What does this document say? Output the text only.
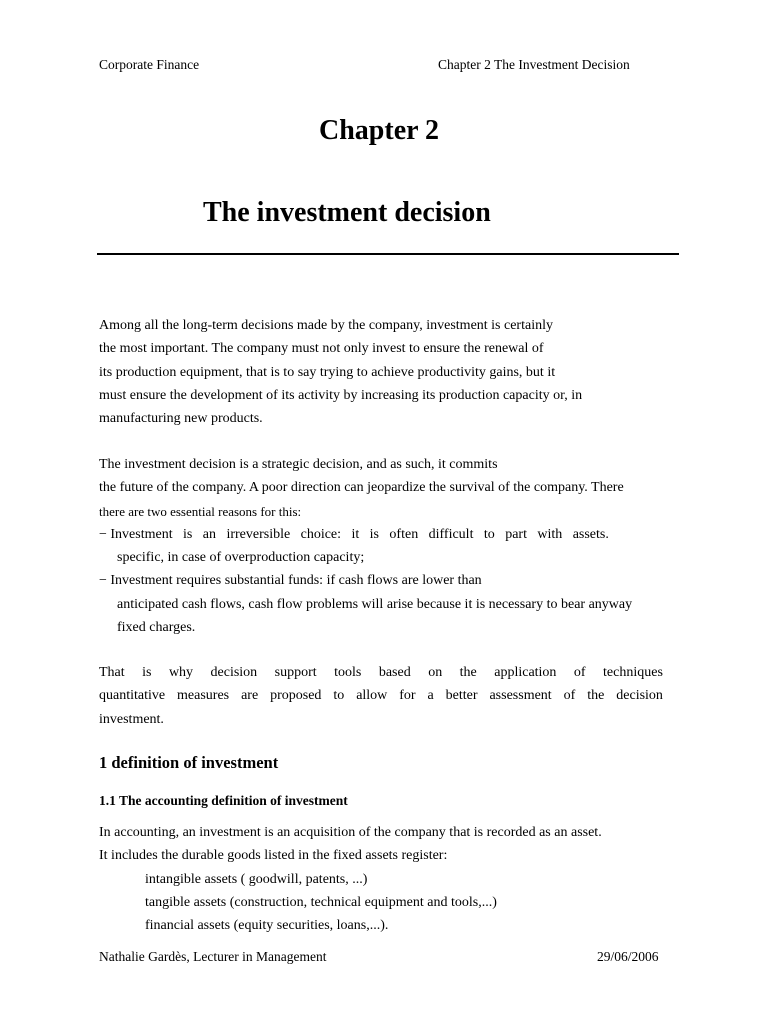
Corporate Finance	Chapter 2 The Investment Decision
Chapter 2
The investment decision
Among all the long-term decisions made by the company, investment is certainly
the most important. The company must not only invest to ensure the renewal of
its production equipment, that is to say trying to achieve productivity gains, but it
must ensure the development of its activity by increasing its production capacity or, in
manufacturing new products.
The investment decision is a strategic decision, and as such, it commits
the future of the company. A poor direction can jeopardize the survival of the company. There
there are two essential reasons for this:
− Investment is an irreversible choice: it is often difficult to part with assets.
specific, in case of overproduction capacity;
− Investment requires substantial funds: if cash flows are lower than
anticipated cash flows, cash flow problems will arise because it is necessary to bear anyway
fixed charges.
That is why decision support tools based on the application of techniques
quantitative measures are proposed to allow for a better assessment of the decision
investment.
1 definition of investment
1.1 The accounting definition of investment
In accounting, an investment is an acquisition of the company that is recorded as an asset.
It includes the durable goods listed in the fixed assets register:
intangible assets ( goodwill, patents, ...)
tangible assets (construction, technical equipment and tools,...)
financial assets (equity securities, loans,...).
Nathalie Gardès, Lecturer in Management	29/06/2006
